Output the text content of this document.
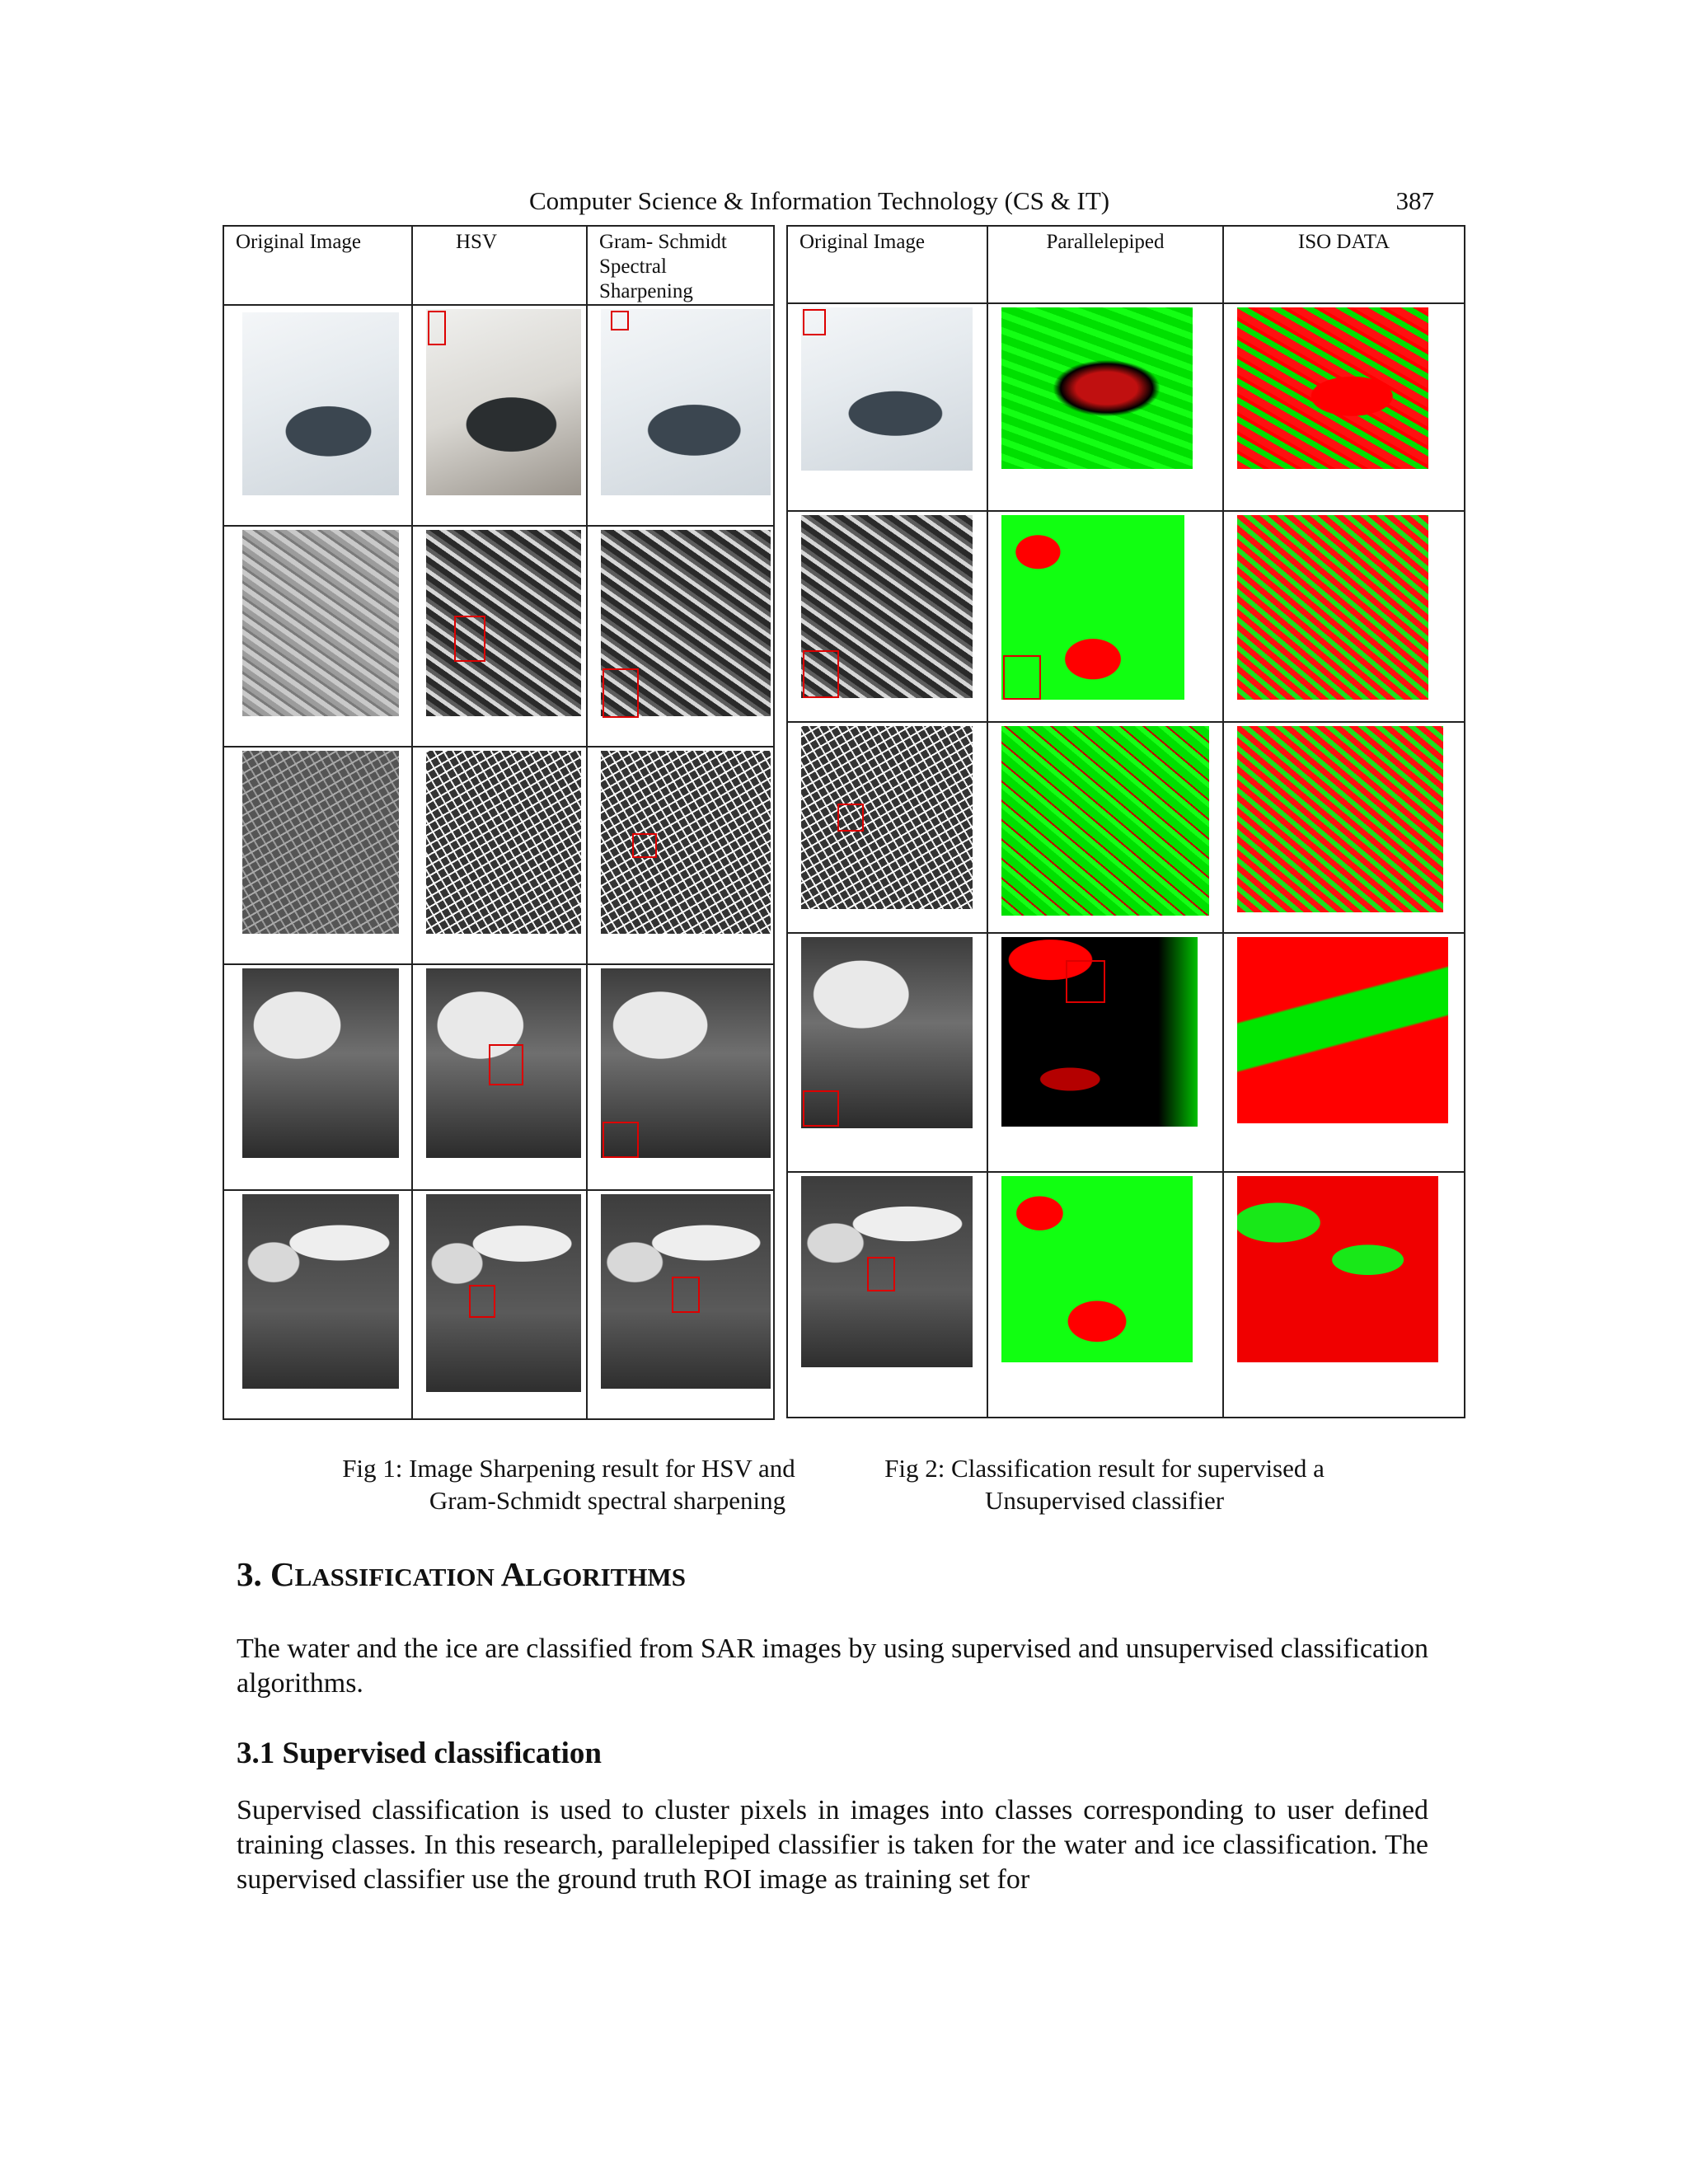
Computer Science & Information Technology (CS & IT)	387
Original Image	HSV	Gram- Schmidt Spectral Sharpening

Original Image	Parallelepiped	ISO DATA

Fig 1: Image Sharpening result for HSV and
Gram-Schmidt spectral sharpening
Fig 2: Classification result for supervised a
Unsupervised classifier
3. CLASSIFICATION ALGORITHMS

The water and the ice are classified from SAR images by using supervised and unsupervised classification algorithms.

3.1 Supervised classification

Supervised classification is used to cluster pixels in images into classes corresponding to user defined training classes. In this research, parallelepiped classifier is taken for the water and ice classification. The supervised classifier use the ground truth ROI image as training set for
